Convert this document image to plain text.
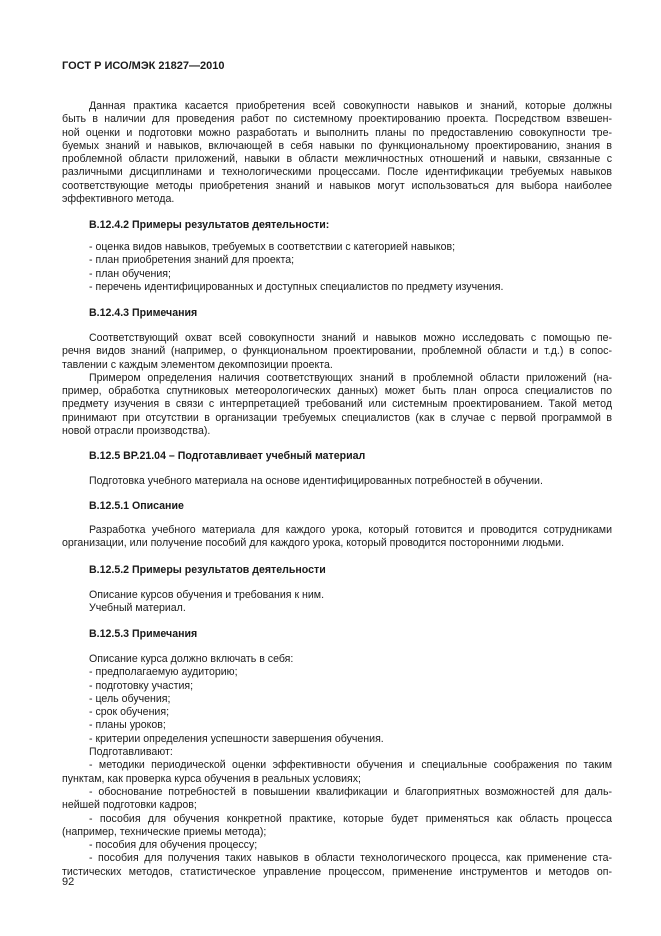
ГОСТ Р ИСО/МЭК 21827—2010
Данная практика касается приобретения всей совокупности навыков и знаний, которые должны
быть в наличии для проведения работ по системному проектированию проекта. Посредством взвешен-
ной оценки и подготовки можно разработать и выполнить планы по предоставлению совокупности тре-
буемых знаний и навыков, включающей в себя навыки по функциональному проектированию, знания в
проблемной области приложений, навыки в области межличностных отношений и навыки, связанные с
различными дисциплинами и технологическими процессами. После идентификации требуемых навыков
соответствующие методы приобретения знаний и навыков могут использоваться для выбора наиболее
эффективного метода.
В.12.4.2 Примеры результатов деятельности:
- оценка видов навыков, требуемых в соответствии с категорией навыков;
- план приобретения знаний для проекта;
- план обучения;
- перечень идентифицированных и доступных специалистов по предмету изучения.
В.12.4.3 Примечания
Соответствующий охват всей совокупности знаний и навыков можно исследовать с помощью пе-
речня видов знаний (например, о функциональном проектировании, проблемной области и т.д.) в сопос-
тавлении с каждым элементом декомпозиции проекта.
Примером определения наличия соответствующих знаний в проблемной области приложений (на-
пример, обработка спутниковых метеорологических данных) может быть план опроса специалистов по
предмету изучения в связи с интерпретацией требований или системным проектированием. Такой метод
принимают при отсутствии в организации требуемых специалистов (как в случае с первой программой в
новой отрасли производства).
В.12.5 BP.21.04 – Подготавливает учебный материал
Подготовка учебного материала на основе идентифицированных потребностей в обучении.
В.12.5.1 Описание
Разработка учебного материала для каждого урока, который готовится и проводится сотрудниками
организации, или получение пособий для каждого урока, который проводится посторонними людьми.
В.12.5.2 Примеры результатов деятельности
Описание курсов обучения и требования к ним.
Учебный материал.
В.12.5.3 Примечания
Описание курса должно включать в себя:
- предполагаемую аудиторию;
- подготовку участия;
- цель обучения;
- срок обучения;
- планы уроков;
- критерии определения успешности завершения обучения.
Подготавливают:
- методики периодической оценки эффективности обучения и специальные соображения по таким
пунктам, как проверка курса обучения в реальных условиях;
- обоснование потребностей в повышении квалификации и благоприятных возможностей для даль-
нейшей подготовки кадров;
- пособия для обучения конкретной практике, которые будет применяться как область процесса
(например, технические приемы метода);
- пособия для обучения процессу;
- пособия для получения таких навыков в области технологического процесса, как применение ста-
тистических методов, статистическое управление процессом, применение инструментов и методов оп-
92
